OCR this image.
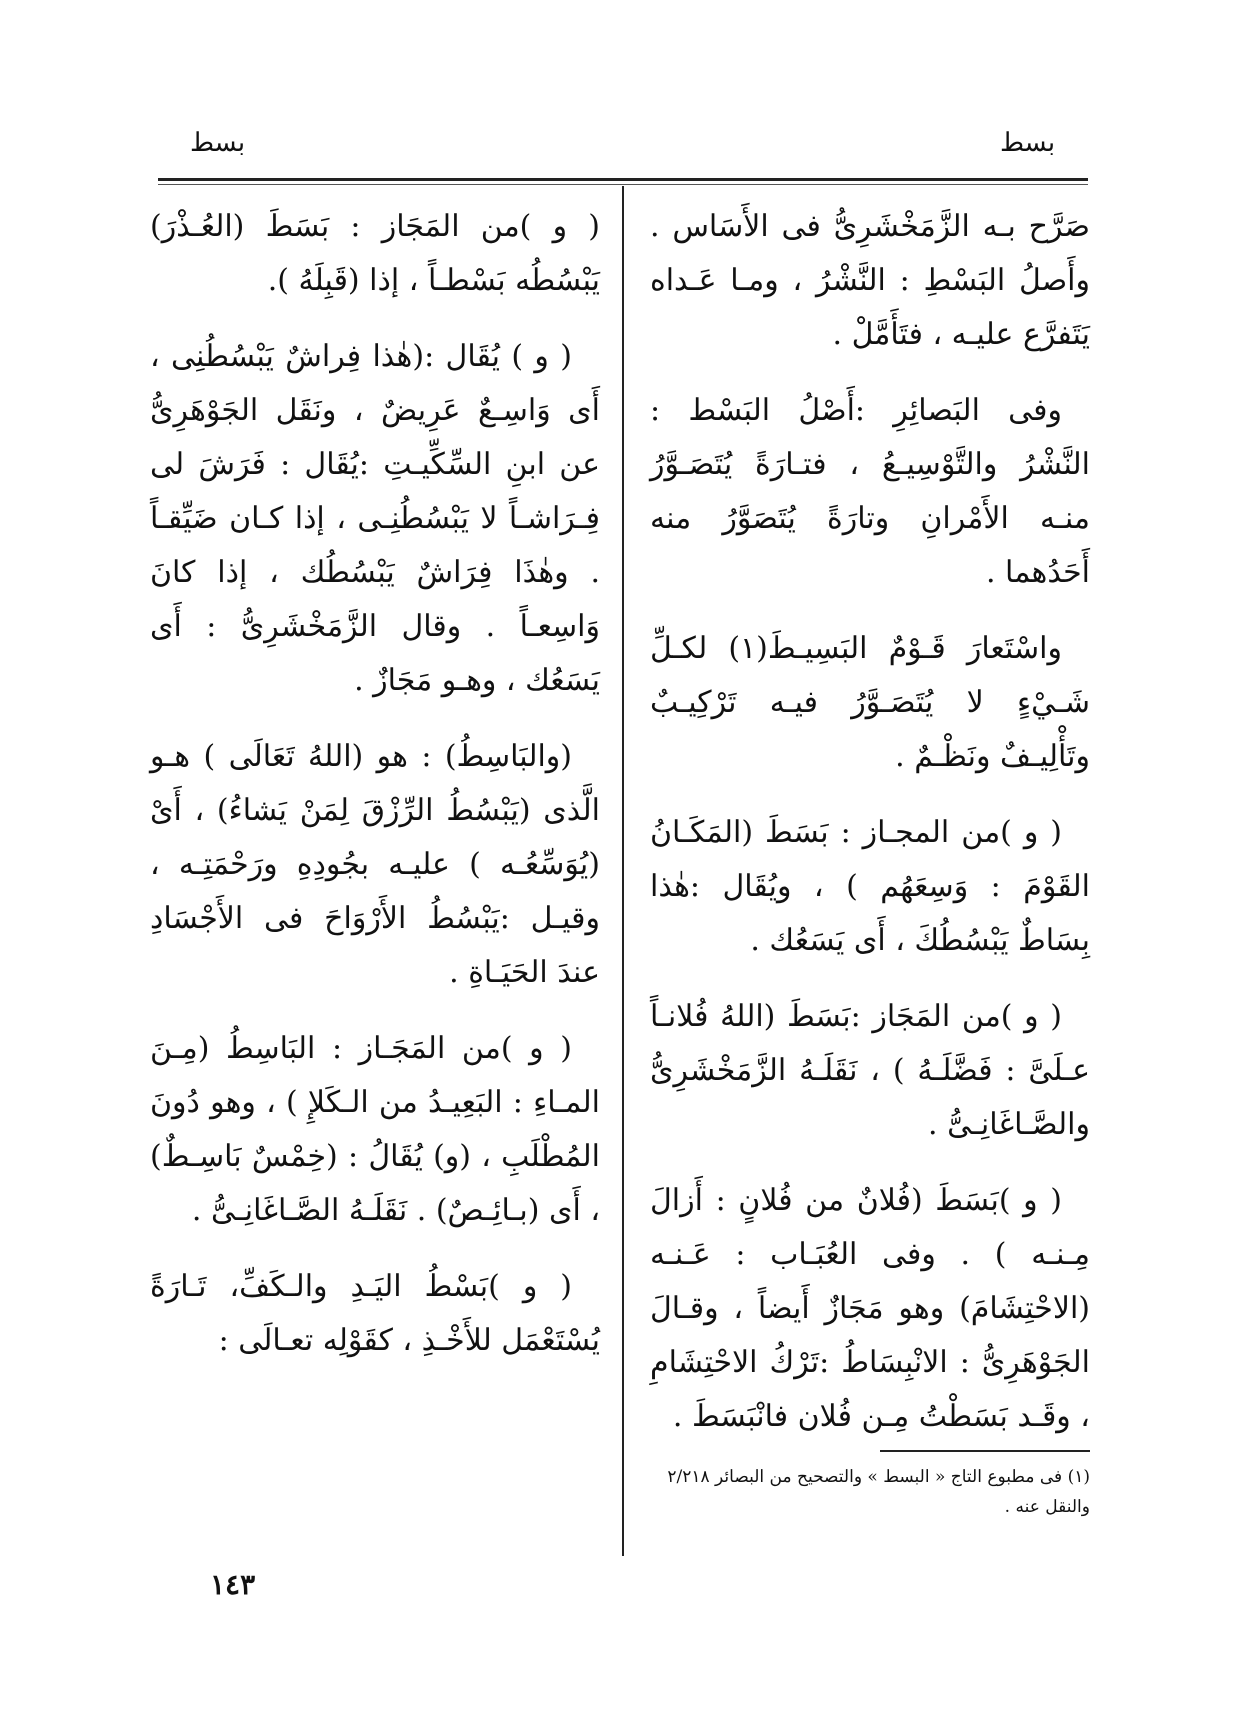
بسط
بسط

صَرَّح بـه الزَّمَخْشَرِىُّ فى الأَسَاس . وأَصلُ البَسْطِ : النَّشْرُ ، ومـا عَـداه يَتَفرَّع عليـه ، فتَأَمَّلْ .

وفى البَصائِرِ :أَصْلُ البَسْط : النَّشْرُ والتَّوْسِيـعُ ، فتـارَةً يُتَصَـوَّرُ منـه الأَمْرانِ وتارَةً يُتَصَوَّرُ منه أَحَدُهما .

واسْتَعارَ قَـوْمٌ البَسِيـطَ(١) لكـلِّ شَـيْءٍ لا يُتَصَـوَّرُ فيـه تَرْكِيـبٌ وتَأْلِيـفٌ ونَظْـمٌ .

( و )من المجـاز : بَسَطَ (المَكَـانُ القَوْمَ : وَسِعَهُم ) ، ويُقَال :هٰذا بِسَاطٌ يَبْسُطُكَ ، أَى يَسَعُك .

( و )من المَجَاز :بَسَطَ (اللهُ فُلانـاً عـلَىَّ : فَضَّلَـهُ ) ، نَقَلَـهُ الزَّمَخْشَرِىُّ والصَّـاغَانِـىُّ .

( و )بَسَطَ (فُلانٌ من فُلانٍ : أَزالَ مِـنـه ) . وفى العُبَـاب : عَـنـه (الاحْتِشَامَ) وهو مَجَازٌ أَيضاً ، وقـالَ الجَوْهَرِىُّ : الانْبِسَاطُ :تَرْكُ الاحْتِشَامِ ، وقَـد بَسَطْتُ مِـن فُلان فانْبَسَطَ .

(١) فى مطبوع التاج « البسط » والتصحيح من البصائر ٢/٢١٨ والنقل عنه .

( و )من المَجَاز : بَسَطَ (العُـذْرَ) يَبْسُطُه بَسْطـاً ، إذا (قَبِلَهُ ).

( و ) يُقَال :(هٰذا فِراشٌ يَبْسُطُنِى ، أَى وَاسِـعٌ عَرِيضٌ ، ونَقَل الجَوْهَرِىُّ عن ابنِ السِّكِّيـتِ :يُقَال : فَرَشَ لى فِـرَاشـاً لا يَبْسُطُنِـى ، إذا كـان ضَيِّقـاً . وهٰذَا فِرَاشٌ يَبْسُطُك ، إذا كانَ وَاسِعـاً . وقال الزَّمَخْشَرِىُّ : أَى يَسَعُك ، وهـو مَجَازٌ .

(والبَاسِطُ) : هو (اللهُ تَعَالَى ) هـو الَّذى (يَبْسُطُ الرِّزْقَ لِمَنْ يَشاءُ) ، أَىْ (يُوَسِّعُـه ) عليـه بجُودِهِ ورَحْمَتِـه ، وقيـل :يَبْسُطُ الأَرْوَاحَ فى الأَجْسَادِ عندَ الحَيَـاةِ .

( و )من المَجَـاز : البَاسِطُ (مِـنَ المـاءِ : البَعِيـدُ من الـكَلإِ ) ، وهو دُونَ المُطْلَبِ ، (و) يُقَالُ : (خِمْسٌ بَاسِـطٌ) ، أَى (بـائِـصٌ) . نَقَلَـهُ الصَّـاغَانِـىُّ .

( و )بَسْطُ اليَـدِ والـكَفِّ، تَـارَةً يُسْتَعْمَل للأَخْـذِ ، كقَوْلِه تعـالَى :

١٤٣
